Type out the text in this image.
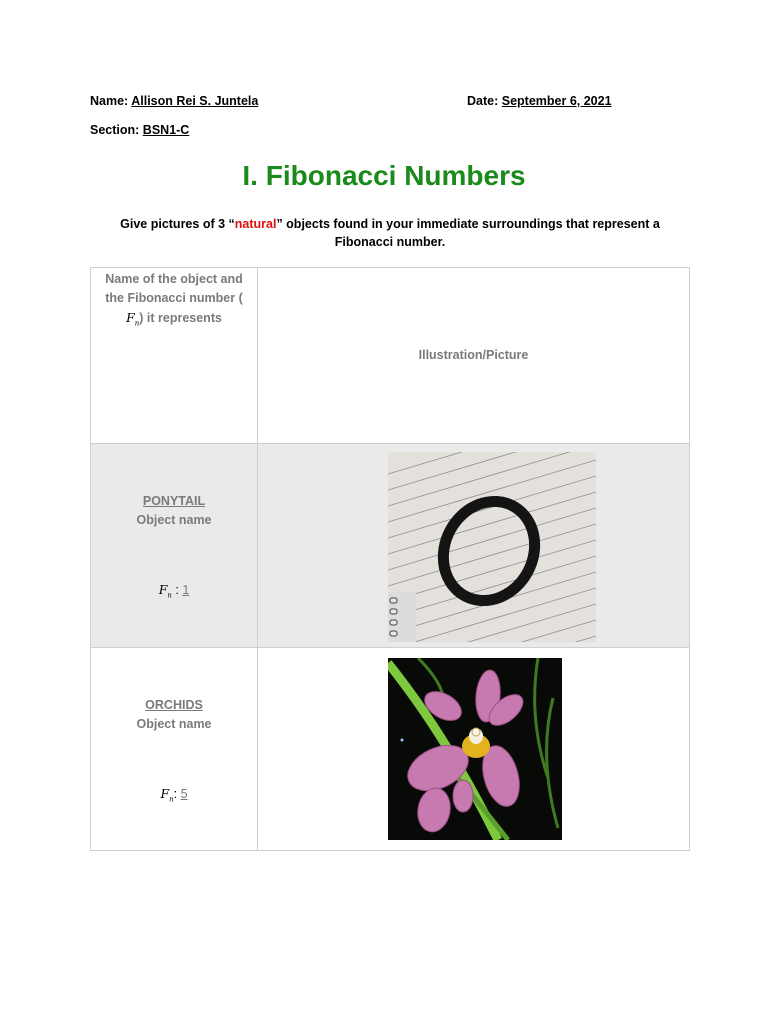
Name: Allison Rei S. Juntela	Date: September 6, 2021
Section: BSN1-C
I. Fibonacci Numbers
Give pictures of 3 “natural” objects found in your immediate surroundings that represent a Fibonacci number.
Name of the object and the Fibonacci number ( $F_n$) it represents
Illustration/Picture
PONYTAIL
Object name
$F_n$ : 1
ORCHIDS
Object name
$F_n$: 5
